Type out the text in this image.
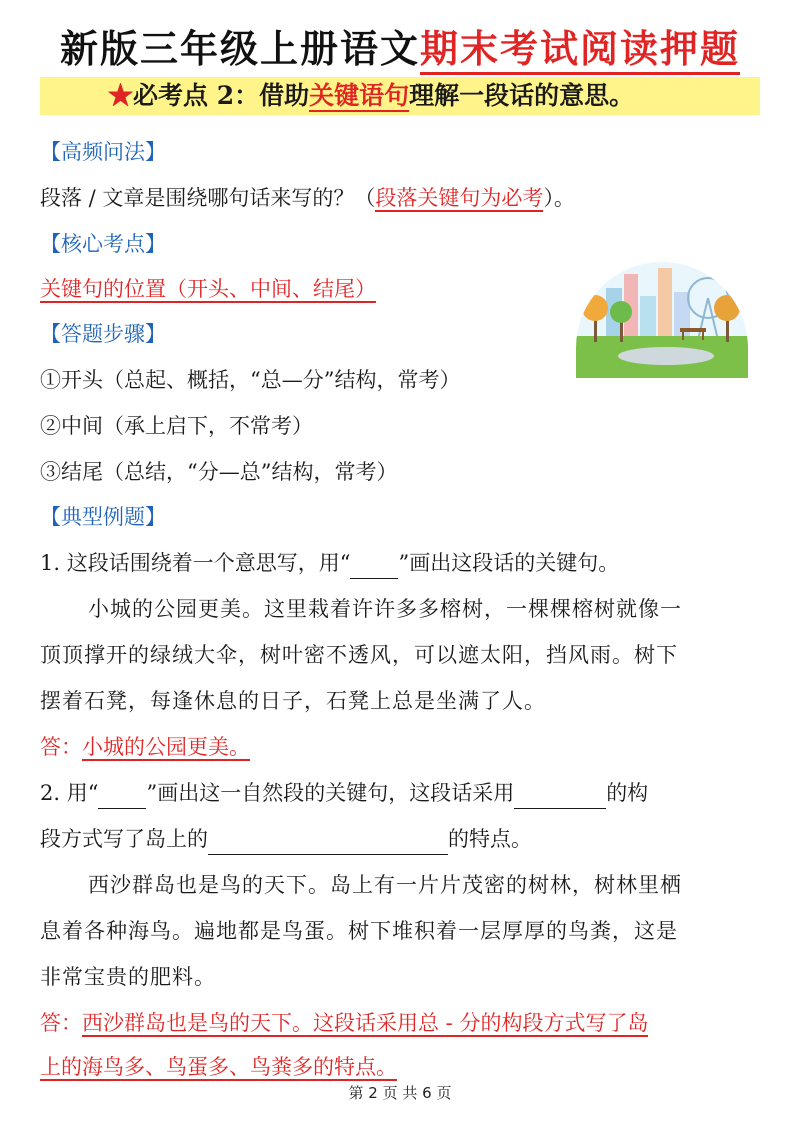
新版三年级上册语文期末考试阅读押题
★必考点 2：借助关键语句理解一段话的意思。
【高频问法】
段落 / 文章是围绕哪句话来写的？（段落关键句为必考）。
【核心考点】
关键句的位置（开头、中间、结尾）
【答题步骤】
①开头（总起、概括，“总—分”结构，常考）
②中间（承上启下，不常考）
③结尾（总结，“分—总”结构，常考）
【典型例题】
1. 这段话围绕着一个意思写，用“ ”画出这段话的关键句。
小城的公园更美。这里栽着许许多多榕树，一棵棵榕树就像一
顶顶撑开的绿绒大伞，树叶密不透风，可以遮太阳，挡风雨。树下
摆着石凳，每逢休息的日子，石凳上总是坐满了人。
答：小城的公园更美。
2. 用“ ”画出这一自然段的关键句，这段话采用	的构
段方式写了岛上的	的特点。
西沙群岛也是鸟的天下。岛上有一片片茂密的树林，树林里栖
息着各种海鸟。遍地都是鸟蛋。树下堆积着一层厚厚的鸟粪，这是
非常宝贵的肥料。
答：西沙群岛也是鸟的天下。这段话采用总 - 分的构段方式写了岛
上的海鸟多、鸟蛋多、鸟粪多的特点。
第 2 页 共 6 页
